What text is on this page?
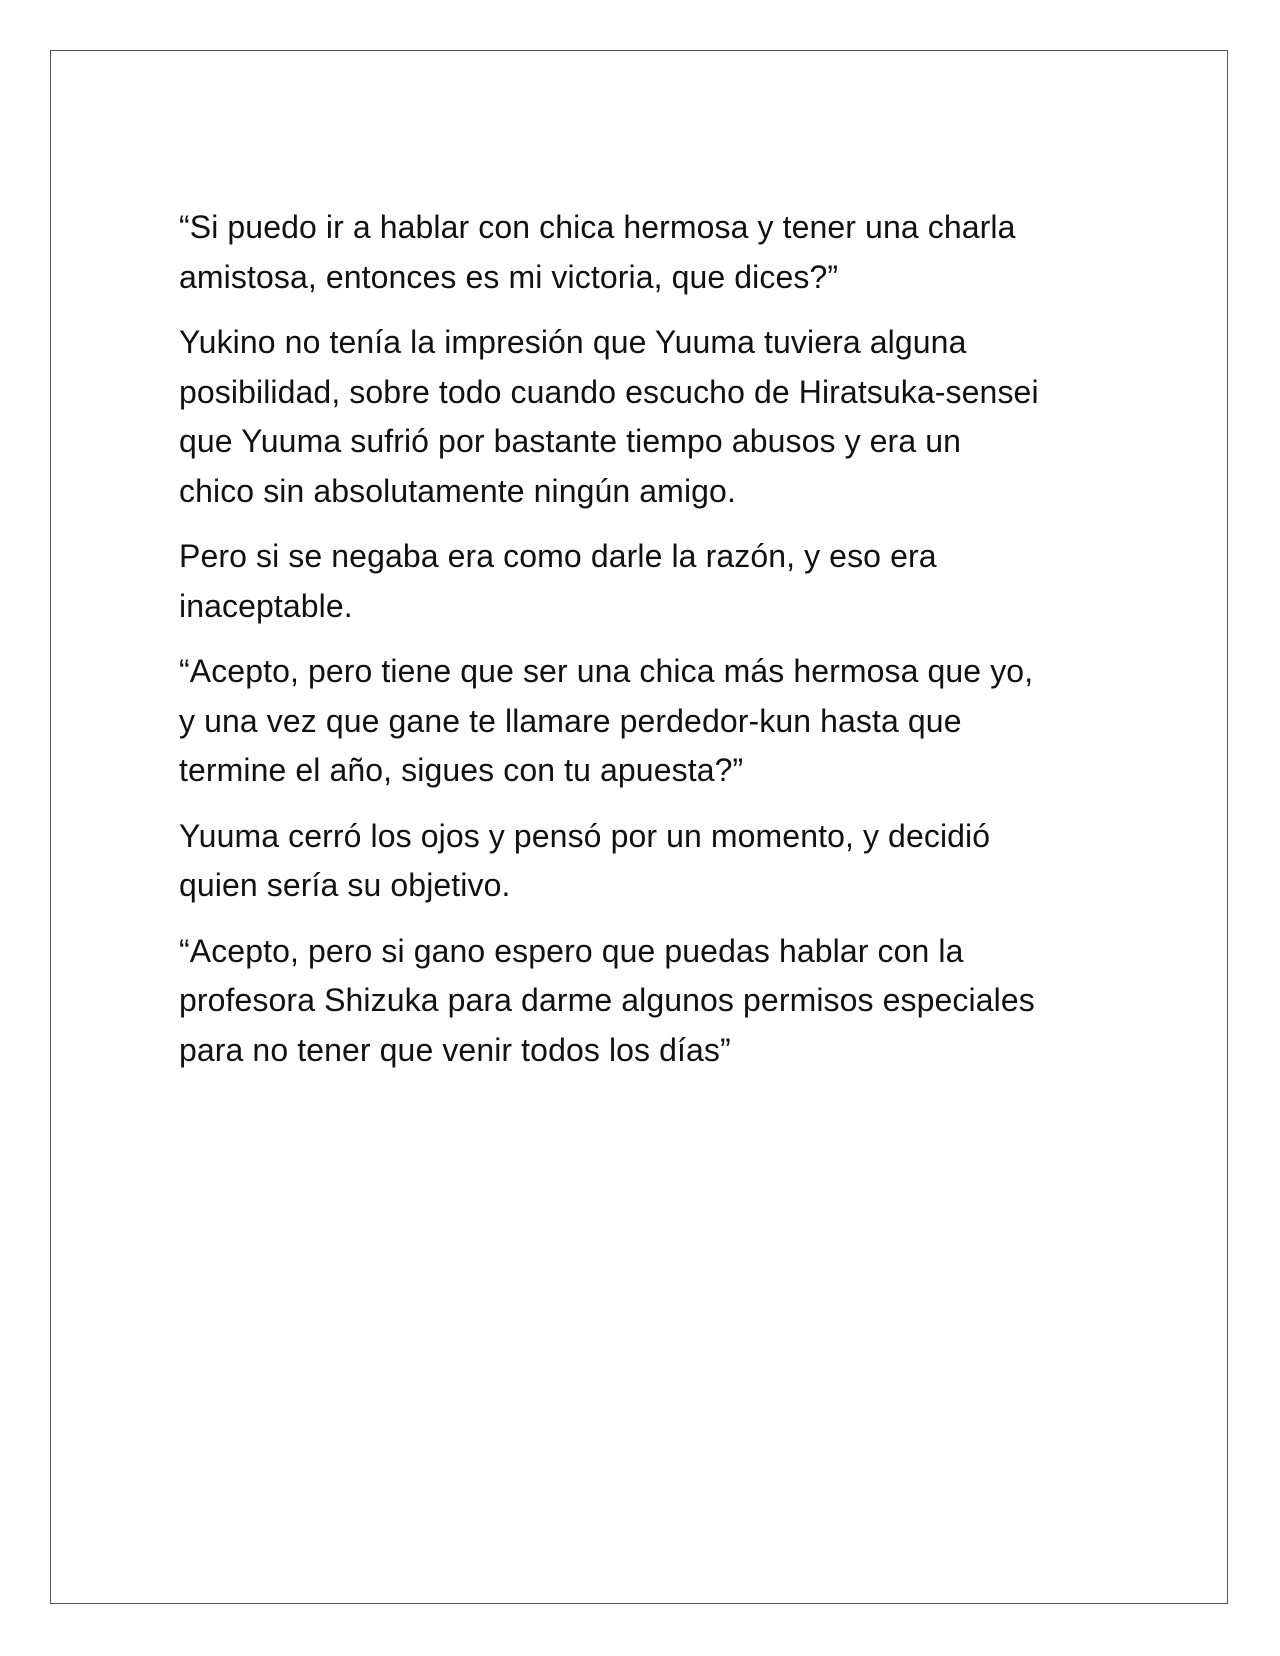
“Si puedo ir a hablar con chica hermosa y tener una charla
amistosa, entonces es mi victoria, que dices?”

Yukino no tenía la impresión que Yuuma tuviera alguna
posibilidad, sobre todo cuando escucho de Hiratsuka-sensei
que Yuuma sufrió por bastante tiempo abusos y era un
chico sin absolutamente ningún amigo.

Pero si se negaba era como darle la razón, y eso era
inaceptable.

“Acepto, pero tiene que ser una chica más hermosa que yo,
y una vez que gane te llamare perdedor-kun hasta que
termine el año, sigues con tu apuesta?”

Yuuma cerró los ojos y pensó por un momento, y decidió
quien sería su objetivo.

“Acepto, pero si gano espero que puedas hablar con la
profesora Shizuka para darme algunos permisos especiales
para no tener que venir todos los días”
